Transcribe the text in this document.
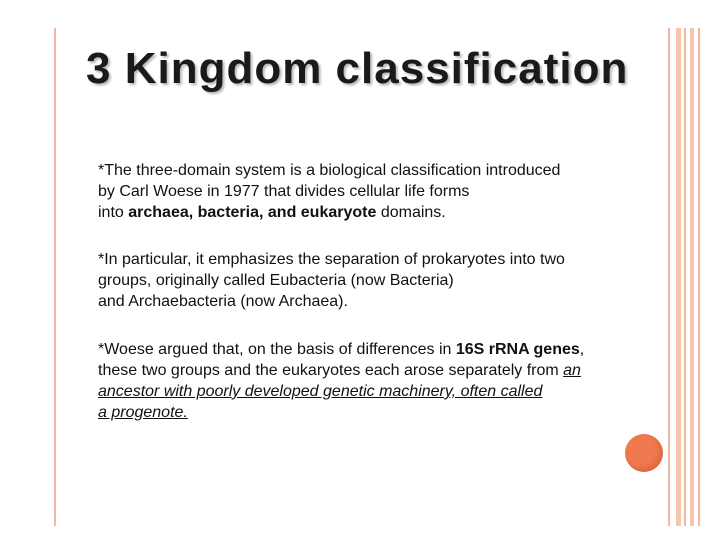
3 Kingdom classification

*The three-domain system is a biological classification introduced
by Carl Woese in 1977 that divides cellular life forms
into archaea, bacteria, and eukaryote domains.

*In particular, it emphasizes the separation of prokaryotes into two
groups, originally called Eubacteria (now Bacteria)
and Archaebacteria (now Archaea).

*Woese argued that, on the basis of differences in 16S rRNA genes,
these two groups and the eukaryotes each arose separately from an
ancestor with poorly developed genetic machinery, often called
a progenote.
